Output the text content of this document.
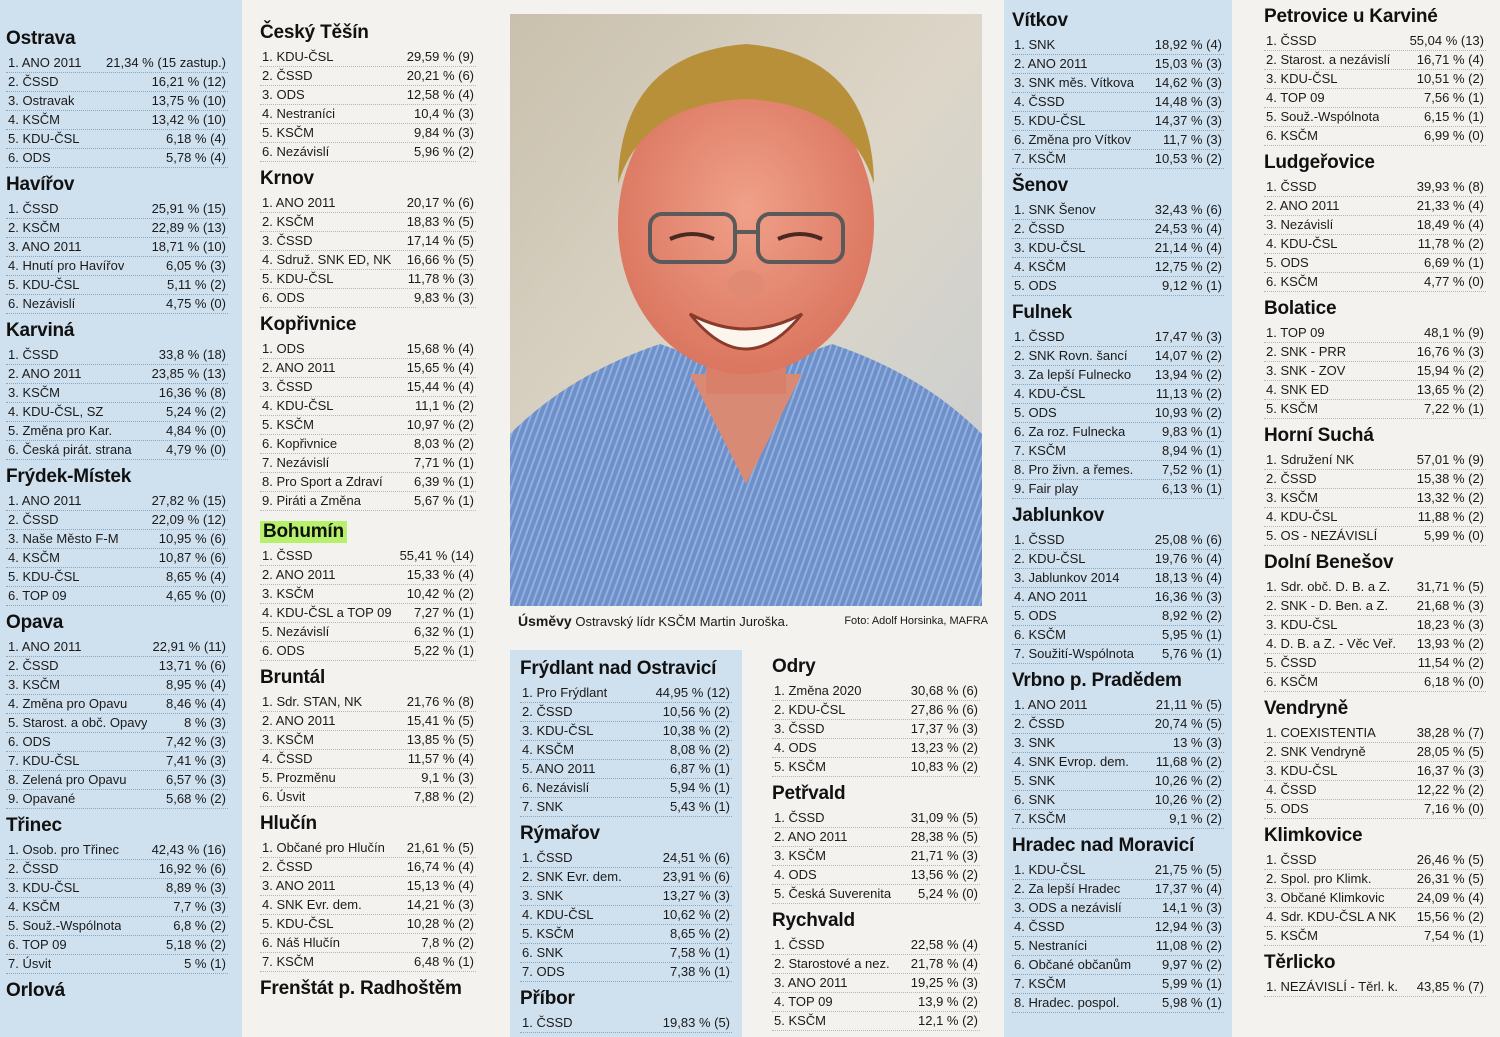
Ostrava
1. ANO 2011	21,34 % (15 zastup.)
2. ČSSD	16,21 % (12)
3. Ostravak	13,75 % (10)
4. KSČM	13,42 % (10)
5. KDU-ČSL	6,18 % (4)
6. ODS	5,78 % (4)
Havířov
1. ČSSD	25,91 % (15)
2. KSČM	22,89 % (13)
3. ANO 2011	18,71 % (10)
4. Hnutí pro Havířov	6,05 % (3)
5. KDU-ČSL	5,11 % (2)
6. Nezávislí	4,75 % (0)
Karviná
1. ČSSD	33,8 % (18)
2. ANO 2011	23,85 % (13)
3. KSČM	16,36 % (8)
4. KDU-ČSL, SZ	5,24 % (2)
5. Změna pro Kar.	4,84 % (0)
6. Česká pirát. strana	4,79 % (0)
Frýdek-Místek
1. ANO 2011	27,82 % (15)
2. ČSSD	22,09 % (12)
3. Naše Město F-M	10,95 % (6)
4. KSČM	10,87 % (6)
5. KDU-ČSL	8,65 % (4)
6. TOP 09	4,65 % (0)
Opava
1. ANO 2011	22,91 % (11)
2. ČSSD	13,71 % (6)
3. KSČM	8,95 % (4)
4. Změna pro Opavu	8,46 % (4)
5. Starost. a obč. Opavy	8 % (3)
6. ODS	7,42 % (3)
7. KDU-ČSL	7,41 % (3)
8. Zelená pro Opavu	6,57 % (3)
9. Opavané	5,68 % (2)
Třinec
1. Osob. pro Třinec	42,43 % (16)
2. ČSSD	16,92 % (6)
3. KDU-ČSL	8,89 % (3)
4. KSČM	7,7 % (3)
5. Souž.-Wspólnota	6,8 % (2)
6. TOP 09	5,18 % (2)
7. Úsvit	5 % (1)
Orlová
Český Těšín
1. KDU-ČSL	29,59 % (9)
2. ČSSD	20,21 % (6)
3. ODS	12,58 % (4)
4. Nestraníci	10,4 % (3)
5. KSČM	9,84 % (3)
6. Nezávislí	5,96 % (2)
Krnov
1. ANO 2011	20,17 % (6)
2. KSČM	18,83 % (5)
3. ČSSD	17,14 % (5)
4. Sdruž. SNK ED, NK	16,66 % (5)
5. KDU-ČSL	11,78 % (3)
6. ODS	9,83 % (3)
Kopřivnice
1. ODS	15,68 % (4)
2. ANO 2011	15,65 % (4)
3. ČSSD	15,44 % (4)
4. KDU-ČSL	11,1 % (2)
5. KSČM	10,97 % (2)
6. Kopřivnice	8,03 % (2)
7. Nezávislí	7,71 % (1)
8. Pro Sport a Zdraví	6,39 % (1)
9. Piráti a Změna	5,67 % (1)
Bohumín
1. ČSSD	55,41 % (14)
2. ANO 2011	15,33 % (4)
3. KSČM	10,42 % (2)
4. KDU-ČSL a TOP 09	7,27 % (1)
5. Nezávislí	6,32 % (1)
6. ODS	5,22 % (1)
Bruntál
1. Sdr. STAN, NK	21,76 % (8)
2. ANO 2011	15,41 % (5)
3. KSČM	13,85 % (5)
4. ČSSD	11,57 % (4)
5. Prozměnu	9,1 % (3)
6. Úsvit	7,88 % (2)
Hlučín
1. Občané pro Hlučín	21,61 % (5)
2. ČSSD	16,74 % (4)
3. ANO 2011	15,13 % (4)
4. SNK Evr. dem.	14,21 % (3)
5. KDU-ČSL	10,28 % (2)
6. Náš Hlučín	7,8 % (2)
7. KSČM	6,48 % (1)
Frenštát p. Radhoštěm
Úsměvy Ostravský lídr KSČM Martin Juroška.	Foto: Adolf Horsinka, MAFRA
Frýdlant nad Ostravicí
1. Pro Frýdlant	44,95 % (12)
2. ČSSD	10,56 % (2)
3. KDU-ČSL	10,38 % (2)
4. KSČM	8,08 % (2)
5. ANO 2011	6,87 % (1)
6. Nezávislí	5,94 % (1)
7. SNK	5,43 % (1)
Rýmařov
1. ČSSD	24,51 % (6)
2. SNK Evr. dem.	23,91 % (6)
3. SNK	13,27 % (3)
4. KDU-ČSL	10,62 % (2)
5. KSČM	8,65 % (2)
6. SNK	7,58 % (1)
7. ODS	7,38 % (1)
Příbor
1. ČSSD	19,83 % (5)
Odry
1. Změna 2020	30,68 % (6)
2. KDU-ČSL	27,86 % (6)
3. ČSSD	17,37 % (3)
4. ODS	13,23 % (2)
5. KSČM	10,83 % (2)
Petřvald
1. ČSSD	31,09 % (5)
2. ANO 2011	28,38 % (5)
3. KSČM	21,71 % (3)
4. ODS	13,56 % (2)
5. Česká Suverenita	5,24 % (0)
Rychvald
1. ČSSD	22,58 % (4)
2. Starostové a nez.	21,78 % (4)
3. ANO 2011	19,25 % (3)
4. TOP 09	13,9 % (2)
5. KSČM	12,1 % (2)
Vítkov
1. SNK	18,92 % (4)
2. ANO 2011	15,03 % (3)
3. SNK měs. Vítkova	14,62 % (3)
4. ČSSD	14,48 % (3)
5. KDU-ČSL	14,37 % (3)
6. Změna pro Vítkov	11,7 % (3)
7. KSČM	10,53 % (2)
Šenov
1. SNK Šenov	32,43 % (6)
2. ČSSD	24,53 % (4)
3. KDU-ČSL	21,14 % (4)
4. KSČM	12,75 % (2)
5. ODS	9,12 % (1)
Fulnek
1. ČSSD	17,47 % (3)
2. SNK Rovn. šancí	14,07 % (2)
3. Za lepší Fulnecko	13,94 % (2)
4. KDU-ČSL	11,13 % (2)
5. ODS	10,93 % (2)
6. Za roz. Fulnecka	9,83 % (1)
7. KSČM	8,94 % (1)
8. Pro živn. a řemes.	7,52 % (1)
9. Fair play	6,13 % (1)
Jablunkov
1. ČSSD	25,08 % (6)
2. KDU-ČSL	19,76 % (4)
3. Jablunkov 2014	18,13 % (4)
4. ANO 2011	16,36 % (3)
5. ODS	8,92 % (2)
6. KSČM	5,95 % (1)
7. Soužití-Wspólnota	5,76 % (1)
Vrbno p. Pradědem
1. ANO 2011	21,11 % (5)
2. ČSSD	20,74 % (5)
3. SNK	13 % (3)
4. SNK Evrop. dem.	11,68 % (2)
5. SNK	10,26 % (2)
6. SNK	10,26 % (2)
7. KSČM	9,1 % (2)
Hradec nad Moravicí
1. KDU-ČSL	21,75 % (5)
2. Za lepší Hradec	17,37 % (4)
3. ODS a nezávislí	14,1 % (3)
4. ČSSD	12,94 % (3)
5. Nestraníci	11,08 % (2)
6. Občané občanům	9,97 % (2)
7. KSČM	5,99 % (1)
8. Hradec. pospol.	5,98 % (1)
Petrovice u Karviné
1. ČSSD	55,04 % (13)
2. Starost. a nezávislí	16,71 % (4)
3. KDU-ČSL	10,51 % (2)
4. TOP 09	7,56 % (1)
5. Souž.-Wspólnota	6,15 % (1)
6. KSČM	6,99 % (0)
Ludgeřovice
1. ČSSD	39,93 % (8)
2. ANO 2011	21,33 % (4)
3. Nezávislí	18,49 % (4)
4. KDU-ČSL	11,78 % (2)
5. ODS	6,69 % (1)
6. KSČM	4,77 % (0)
Bolatice
1. TOP 09	48,1 % (9)
2. SNK - PRR	16,76 % (3)
3. SNK - ZOV	15,94 % (2)
4. SNK ED	13,65 % (2)
5. KSČM	7,22 % (1)
Horní Suchá
1. Sdružení NK	57,01 % (9)
2. ČSSD	15,38 % (2)
3. KSČM	13,32 % (2)
4. KDU-ČSL	11,88 % (2)
5. OS - NEZÁVISLÍ	5,99 % (0)
Dolní Benešov
1. Sdr. obč. D. B. a Z.	31,71 % (5)
2. SNK - D. Ben. a Z.	21,68 % (3)
3. KDU-ČSL	18,23 % (3)
4. D. B. a Z. - Věc Veř.	13,93 % (2)
5. ČSSD	11,54 % (2)
6. KSČM	6,18 % (0)
Vendryně
1. COEXISTENTIA	38,28 % (7)
2. SNK Vendryně	28,05 % (5)
3. KDU-ČSL	16,37 % (3)
4. ČSSD	12,22 % (2)
5. ODS	7,16 % (0)
Klimkovice
1. ČSSD	26,46 % (5)
2. Spol. pro Klimk.	26,31 % (5)
3. Občané Klimkovic	24,09 % (4)
4. Sdr. KDU-ČSL A NK	15,56 % (2)
5. KSČM	7,54 % (1)
Těrlicko
1. NEZÁVISLÍ - Těrl. k.	43,85 % (7)
